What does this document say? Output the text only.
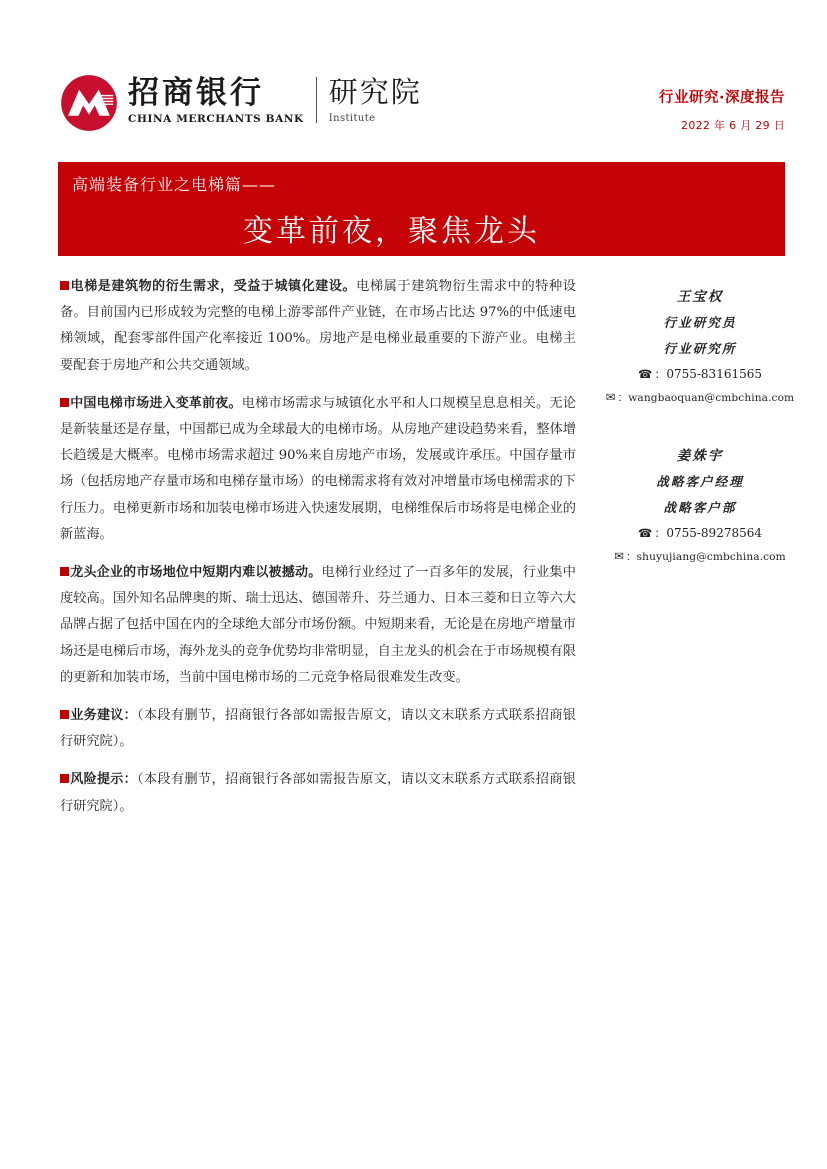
招商银行
CHINA MERCHANTS BANK
研究院
Institute
行业研究·深度报告
2022 年 6 月 29 日
高端装备行业之电梯篇——
变革前夜，聚焦龙头
电梯是建筑物的衍生需求，受益于城镇化建设。电梯属于建筑物衍生需求中的特种设备。目前国内已形成较为完整的电梯上游零部件产业链，在市场占比达 97%的中低速电梯领域，配套零部件国产化率接近 100%。房地产是电梯业最重要的下游产业。电梯主要配套于房地产和公共交通领域。
中国电梯市场进入变革前夜。电梯市场需求与城镇化水平和人口规模呈息息相关。无论是新装量还是存量，中国都已成为全球最大的电梯市场。从房地产建设趋势来看，整体增长趋缓是大概率。电梯市场需求超过 90%来自房地产市场，发展或许承压。中国存量市场（包括房地产存量市场和电梯存量市场）的电梯需求将有效对冲增量市场电梯需求的下行压力。电梯更新市场和加装电梯市场进入快速发展期，电梯维保后市场将是电梯企业的新蓝海。
龙头企业的市场地位中短期内难以被撼动。电梯行业经过了一百多年的发展，行业集中度较高。国外知名品牌奥的斯、瑞士迅达、德国蒂升、芬兰通力、日本三菱和日立等六大品牌占据了包括中国在内的全球绝大部分市场份额。中短期来看，无论是在房地产增量市场还是电梯后市场，海外龙头的竞争优势均非常明显，自主龙头的机会在于市场规模有限的更新和加装市场，当前中国电梯市场的二元竞争格局很难发生改变。
业务建议：（本段有删节，招商银行各部如需报告原文，请以文末联系方式联系招商银行研究院）。
风险提示：（本段有删节，招商银行各部如需报告原文，请以文末联系方式联系招商银行研究院）。
王宝权
行业研究员
行业研究所
☎ ：0755-83161565
✉ ：wangbaoquan@cmbchina.com
姜姝宇
战略客户经理
战略客户部
☎ ：0755-89278564
✉ ：shuyujiang@cmbchina.com
